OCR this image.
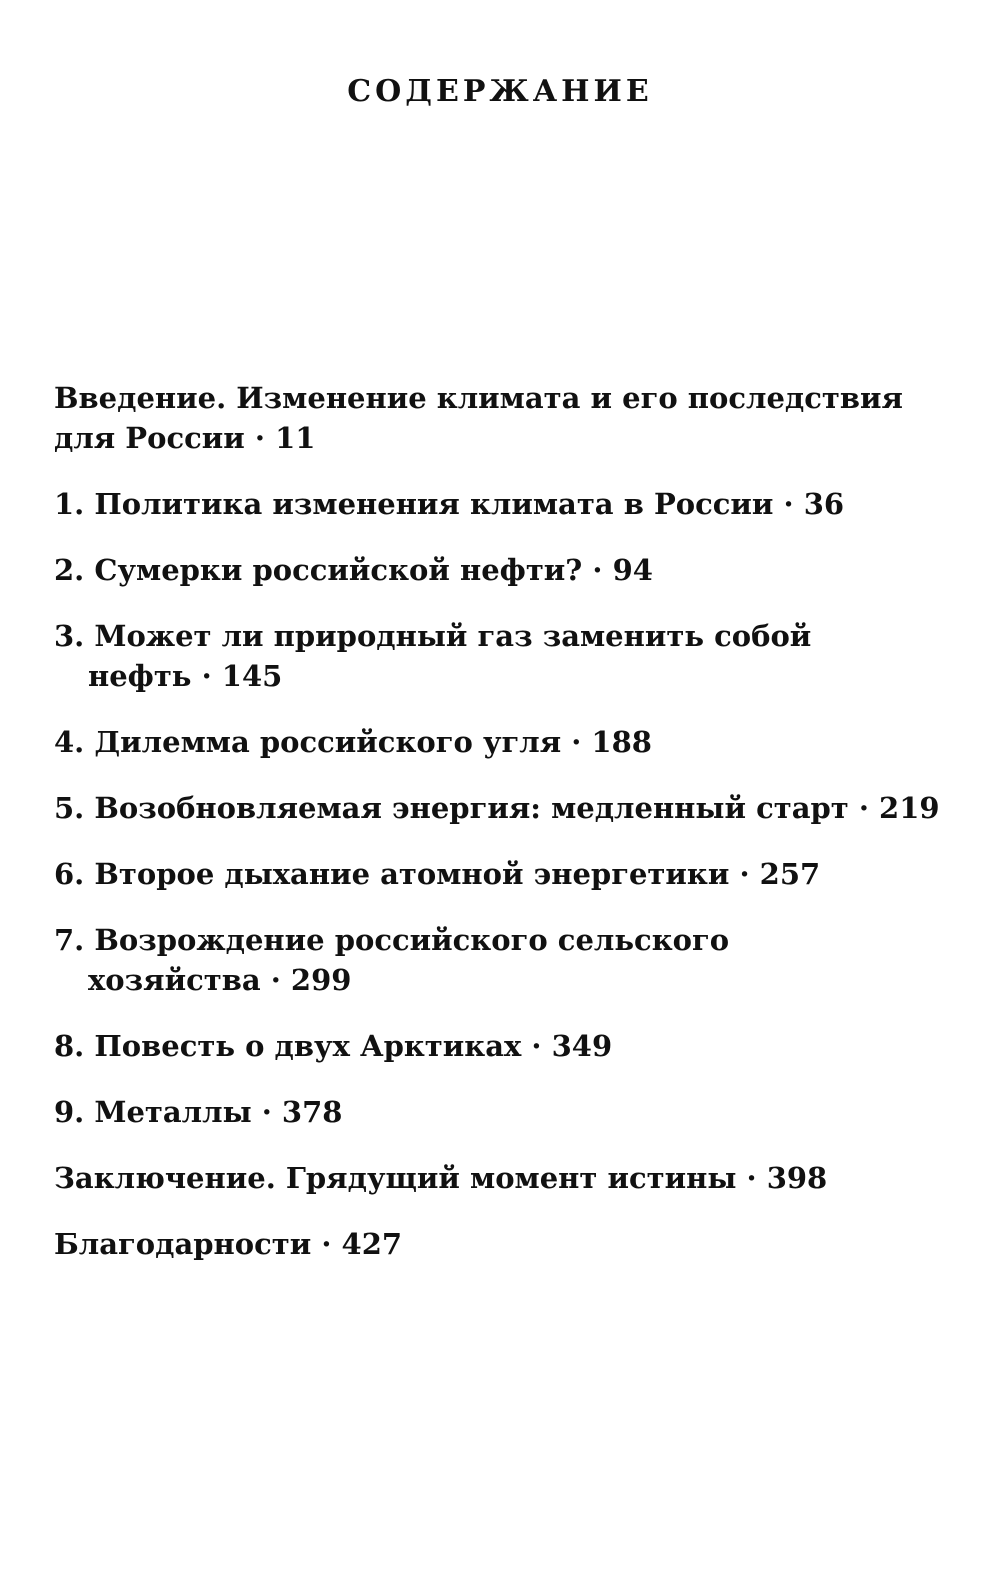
СОДЕРЖАНИЕ
Введение. Изменение климата и его последствия
для России · 11
1. Политика изменения климата в России · 36
2. Сумерки российской нефти? · 94
3. Может ли природный газ заменить собой
нефть · 145
4. Дилемма российского угля · 188
5. Возобновляемая энергия: медленный старт · 219
6. Второе дыхание атомной энергетики · 257
7. Возрождение российского сельского
хозяйства · 299
8. Повесть о двух Арктиках · 349
9. Металлы · 378
Заключение. Грядущий момент истины · 398
Благодарности · 427
